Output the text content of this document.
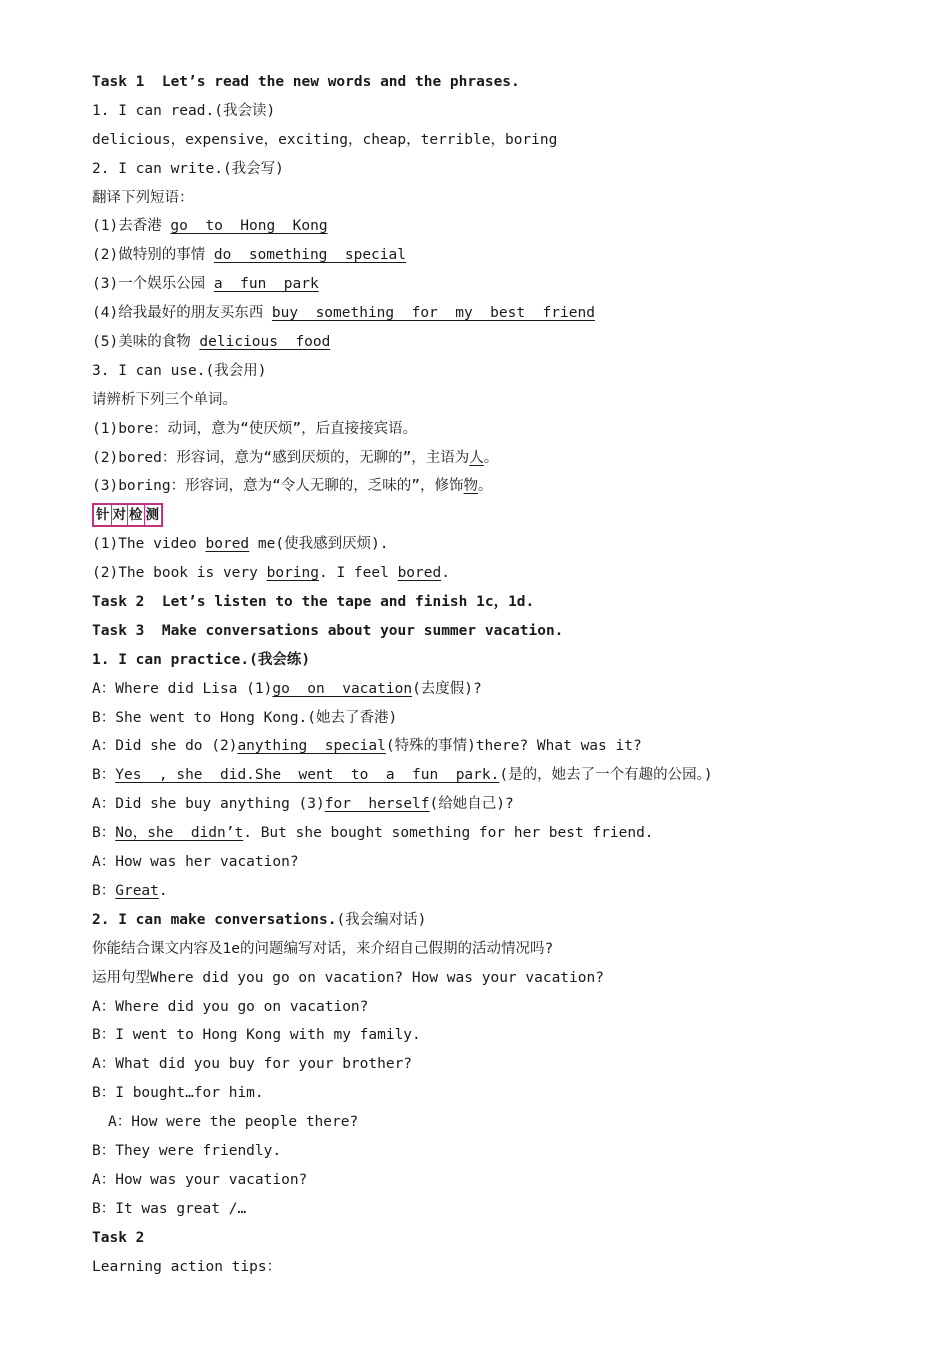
Task 1  Let’s read the new words and the phrases.
1. I can read.(我会读)
delicious，expensive，exciting，cheap，terrible，boring
2. I can write.(我会写)
翻译下列短语：
(1)去香港 go  to  Hong  Kong
(2)做特别的事情 do  something  special
(3)一个娱乐公园 a  fun  park
(4)给我最好的朋友买东西 buy  something  for  my  best  friend
(5)美味的食物 delicious  food
3. I can use.(我会用)
请辨析下列三个单词。
(1)bore：动词，意为“使厌烦”，后直接接宾语。
(2)bored：形容词，意为“感到厌烦的，无聊的”，主语为人。
(3)boring：形容词，意为“令人无聊的，乏味的”，修饰物。
针 对 检 测
(1)The video bored me(使我感到厌烦).
(2)The book is very boring. I feel bored.
Task 2  Let’s listen to the tape and finish 1c，1d.
Task 3  Make conversations about your summer vacation.
1. I can practice.(我会练)
A：Where did Lisa (1)go  on  vacation(去度假)?
B：She went to Hong Kong.(她去了香港)
A：Did she do (2)anything  special(特殊的事情)there? What was it?
B：Yes  , she  did.She  went  to  a  fun  park.(是的，她去了一个有趣的公园。)
A：Did she buy anything (3)for  herself(给她自己)?
B：No，she  didn’t. But she bought something for her best friend.
A：How was her vacation?
B：Great.
2. I can make conversations.(我会编对话)
你能结合课文内容及1e的问题编写对话，来介绍自己假期的活动情况吗?
运用句型Where did you go on vacation? How was your vacation?
A：Where did you go on vacation?
B：I went to Hong Kong with my family.
A：What did you buy for your brother?
B：I bought…for him.
A：How were the people there?
B：They were friendly.
A：How was your vacation?
B：It was great /…
Task 2
Learning action tips：
